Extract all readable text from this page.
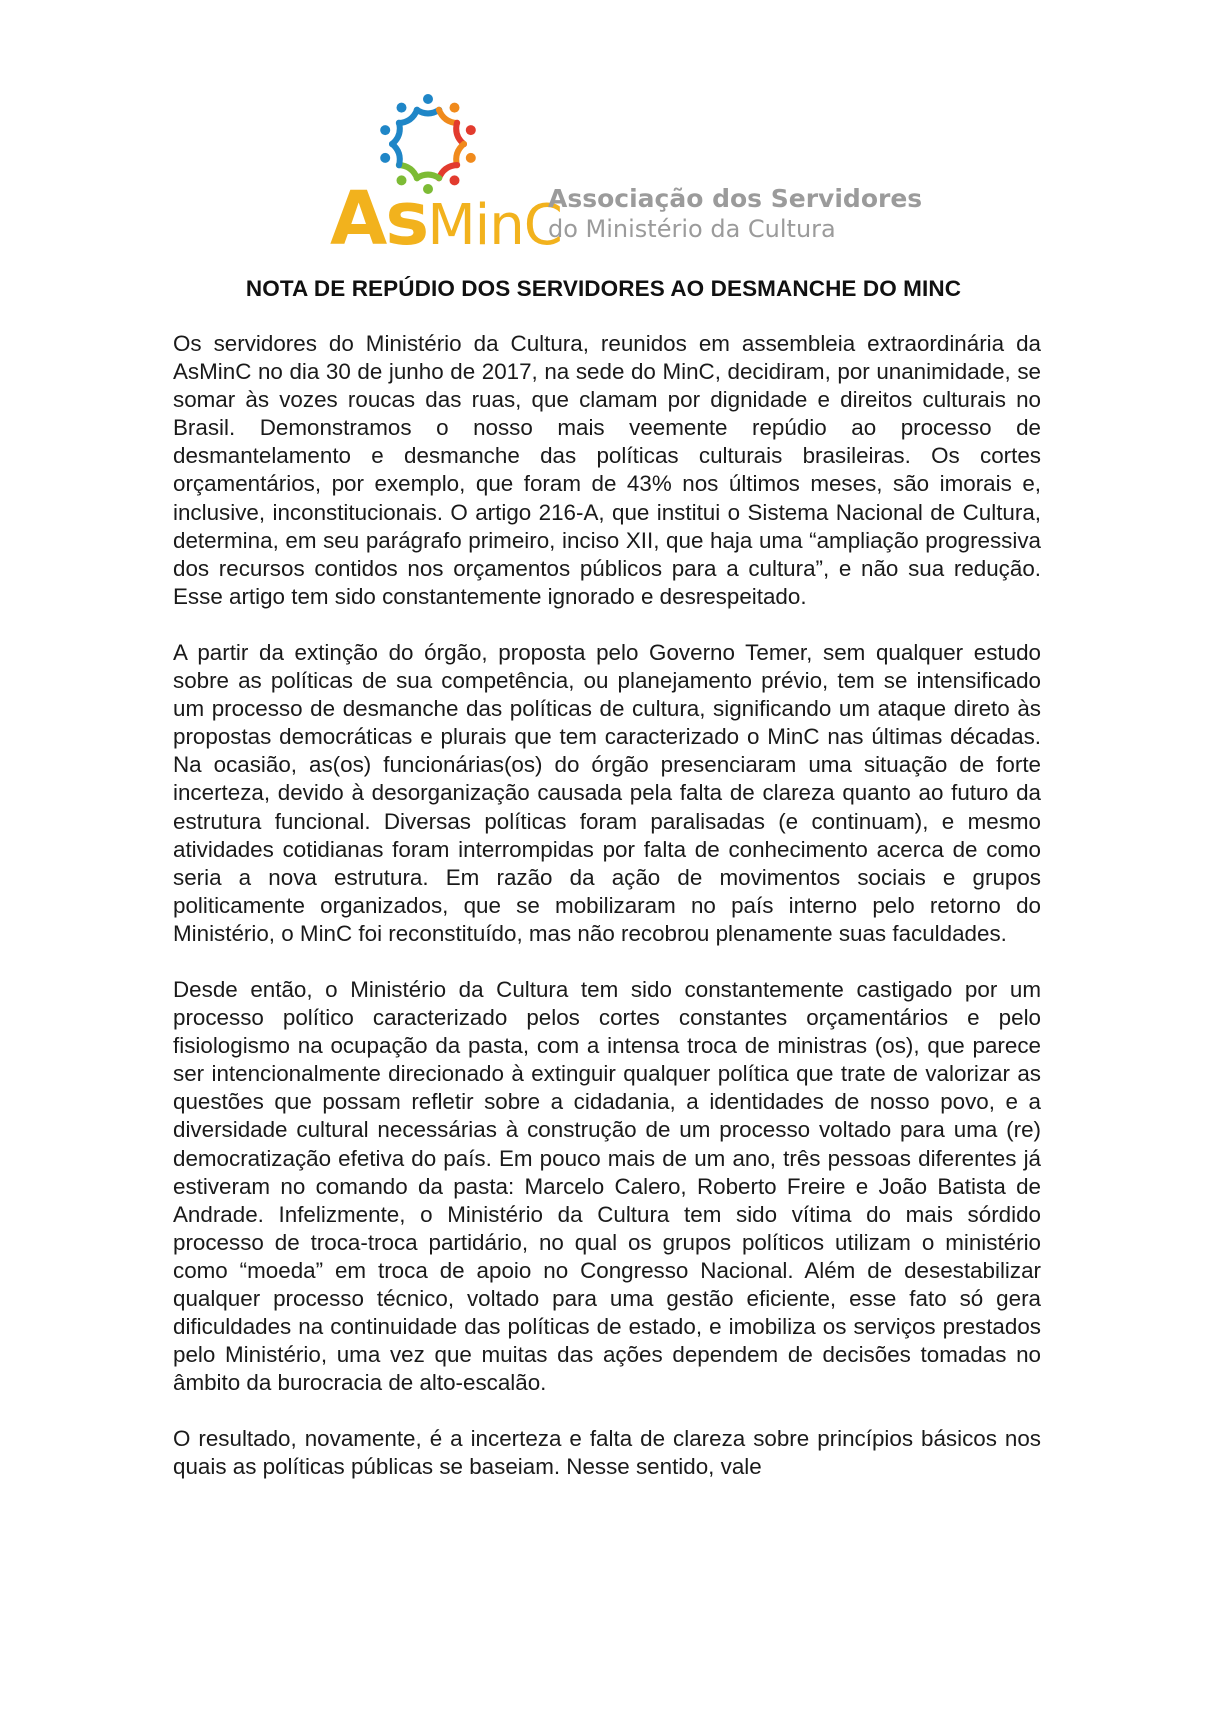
AsMinC
Associação dos Servidores
do Ministério da Cultura
NOTA DE REPÚDIO DOS SERVIDORES AO DESMANCHE DO MINC

Os servidores do Ministério da Cultura, reunidos em assembleia extraordinária da AsMinC no dia 30 de junho de 2017, na sede do MinC, decidiram, por unanimidade, se somar às vozes roucas das ruas, que clamam por dignidade e direitos culturais no Brasil. Demonstramos o nosso mais veemente repúdio ao processo de desmantelamento e desmanche das políticas culturais brasileiras. Os cortes orçamentários, por exemplo, que foram de 43% nos últimos meses, são imorais e, inclusive, inconstitucionais. O artigo 216-A, que institui o Sistema Nacional de Cultura, determina, em seu parágrafo primeiro, inciso XII, que haja uma “ampliação progressiva dos recursos contidos nos orçamentos públicos para a cultura”, e não sua redução. Esse artigo tem sido constantemente ignorado e desrespeitado.

A partir da extinção do órgão, proposta pelo Governo Temer, sem qualquer estudo sobre as políticas de sua competência, ou planejamento prévio, tem se intensificado um processo de desmanche das políticas de cultura, significando um ataque direto às propostas democráticas e plurais que tem caracterizado o MinC nas últimas décadas. Na ocasião, as(os) funcionárias(os) do órgão presenciaram uma situação de forte incerteza, devido à desorganização causada pela falta de clareza quanto ao futuro da estrutura funcional. Diversas políticas foram paralisadas (e continuam), e mesmo atividades cotidianas foram interrompidas por falta de conhecimento acerca de como seria a nova estrutura. Em razão da ação de movimentos sociais e grupos politicamente organizados, que se mobilizaram no país interno pelo retorno do Ministério, o MinC foi reconstituído, mas não recobrou plenamente suas faculdades.

Desde então, o Ministério da Cultura tem sido constantemente castigado por um processo político caracterizado pelos cortes constantes orçamentários e pelo fisiologismo na ocupação da pasta, com a intensa troca de ministras (os), que parece ser intencionalmente direcionado à extinguir qualquer política que trate de valorizar as questões que possam refletir sobre a cidadania, a identidades de nosso povo, e a diversidade cultural necessárias à construção de um processo voltado para uma (re) democratização efetiva do país. Em pouco mais de um ano, três pessoas diferentes já estiveram no comando da pasta: Marcelo Calero, Roberto Freire e João Batista de Andrade. Infelizmente, o Ministério da Cultura tem sido vítima do mais sórdido processo de troca-troca partidário, no qual os grupos políticos utilizam o ministério como “moeda” em troca de apoio no Congresso Nacional. Além de desestabilizar qualquer processo técnico, voltado para uma gestão eficiente, esse fato só gera dificuldades na continuidade das políticas de estado, e imobiliza os serviços prestados pelo Ministério, uma vez que muitas das ações dependem de decisões tomadas no âmbito da burocracia de alto-escalão.

O resultado, novamente, é a incerteza e falta de clareza sobre princípios básicos nos quais as políticas públicas se baseiam. Nesse sentido, vale
